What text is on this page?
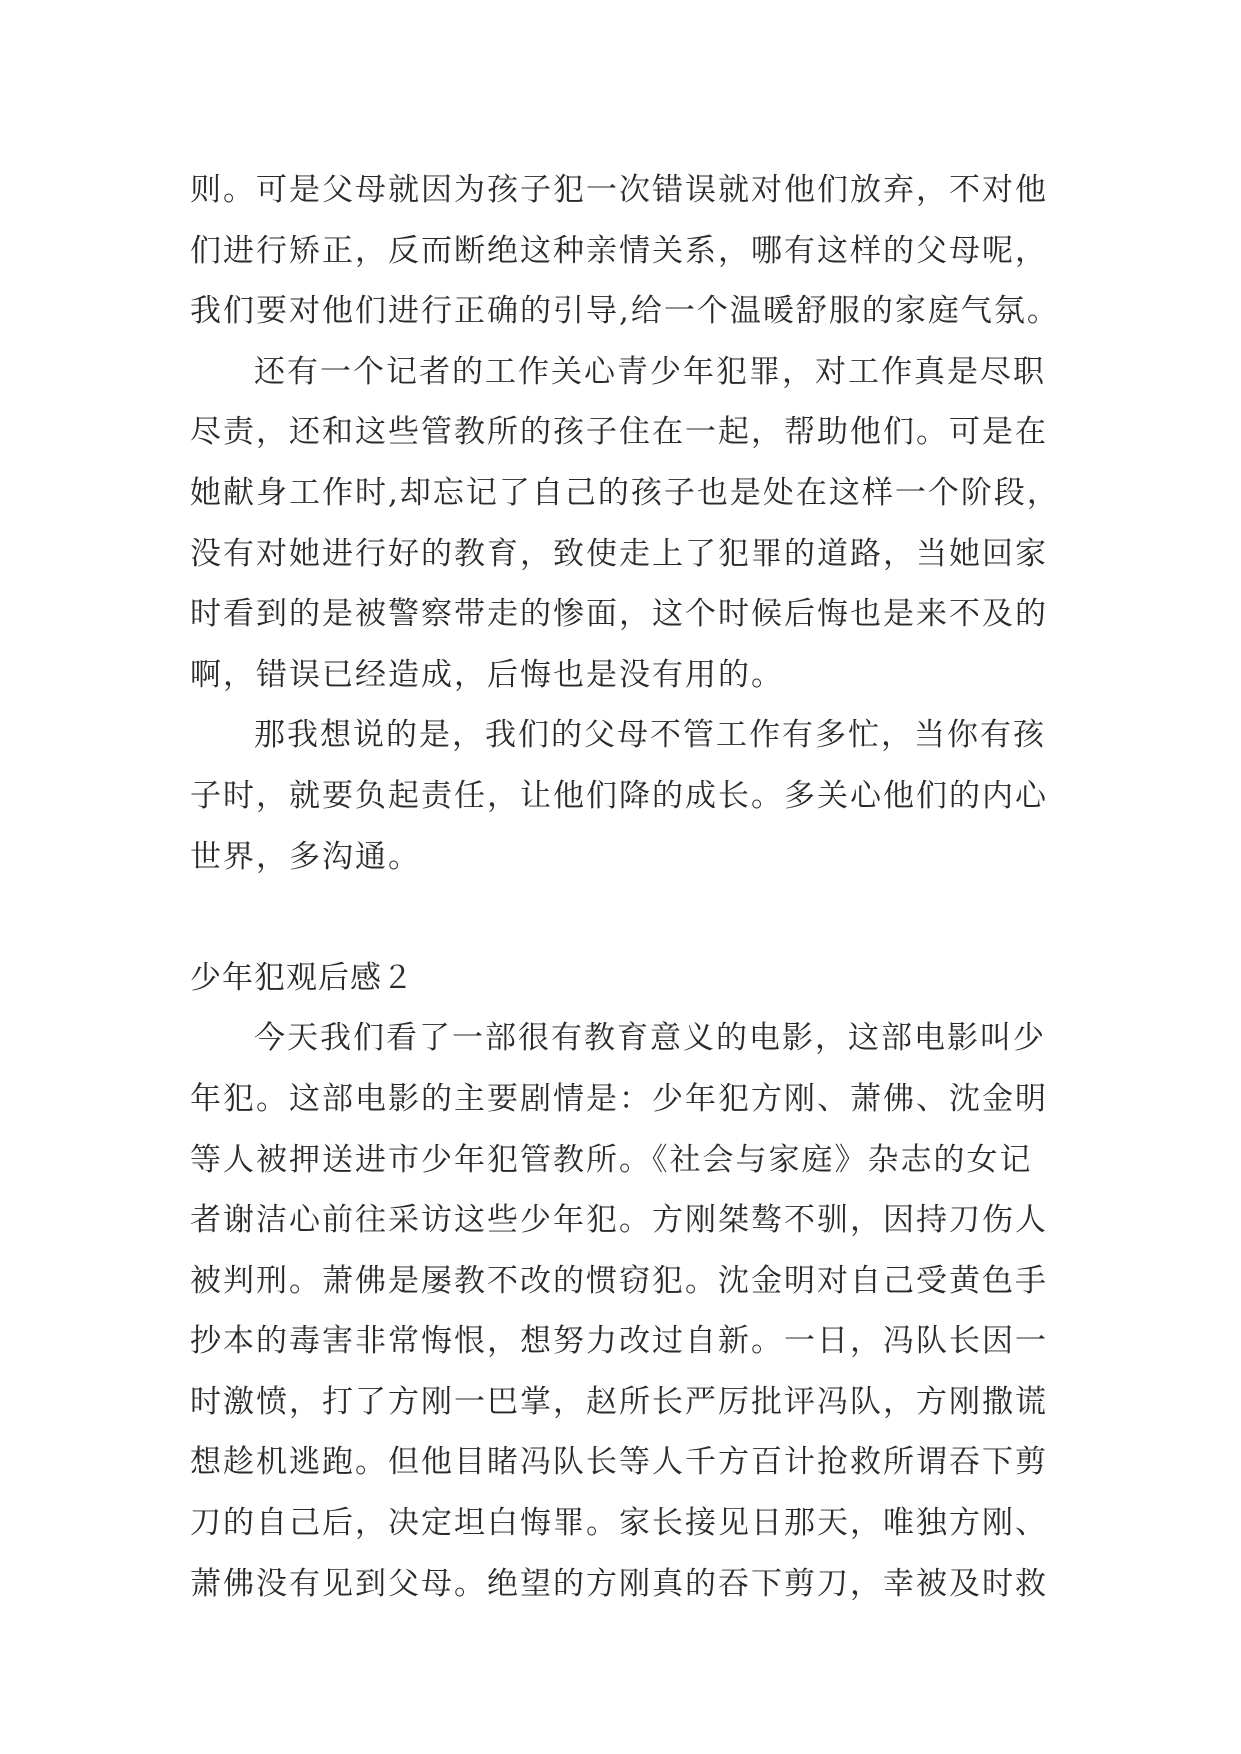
则。可是父母就因为孩子犯一次错误就对他们放弃，不对他
们进行矫正，反而断绝这种亲情关系，哪有这样的父母呢，
我们要对他们进行正确的引导,给一个温暖舒服的家庭气氛。
还有一个记者的工作关心青少年犯罪，对工作真是尽职
尽责，还和这些管教所的孩子住在一起，帮助他们。可是在
她献身工作时,却忘记了自己的孩子也是处在这样一个阶段，
没有对她进行好的教育，致使走上了犯罪的道路，当她回家
时看到的是被警察带走的惨面，这个时候后悔也是来不及的
啊，错误已经造成，后悔也是没有用的。
那我想说的是，我们的父母不管工作有多忙，当你有孩
子时，就要负起责任，让他们降的成长。多关心他们的内心
世界，多沟通。
少年犯观后感２
今天我们看了一部很有教育意义的电影，这部电影叫少
年犯。这部电影的主要剧情是：少年犯方刚、萧佛、沈金明
等人被押送进市少年犯管教所。《社会与家庭》杂志的女记
者谢洁心前往采访这些少年犯。方刚桀骜不驯，因持刀伤人
被判刑。萧佛是屡教不改的惯窃犯。沈金明对自己受黄色手
抄本的毒害非常悔恨，想努力改过自新。一日，冯队长因一
时激愤，打了方刚一巴掌，赵所长严厉批评冯队，方刚撒谎
想趁机逃跑。但他目睹冯队长等人千方百计抢救所谓吞下剪
刀的自己后，决定坦白悔罪。家长接见日那天，唯独方刚、
萧佛没有见到父母。绝望的方刚真的吞下剪刀，幸被及时救
